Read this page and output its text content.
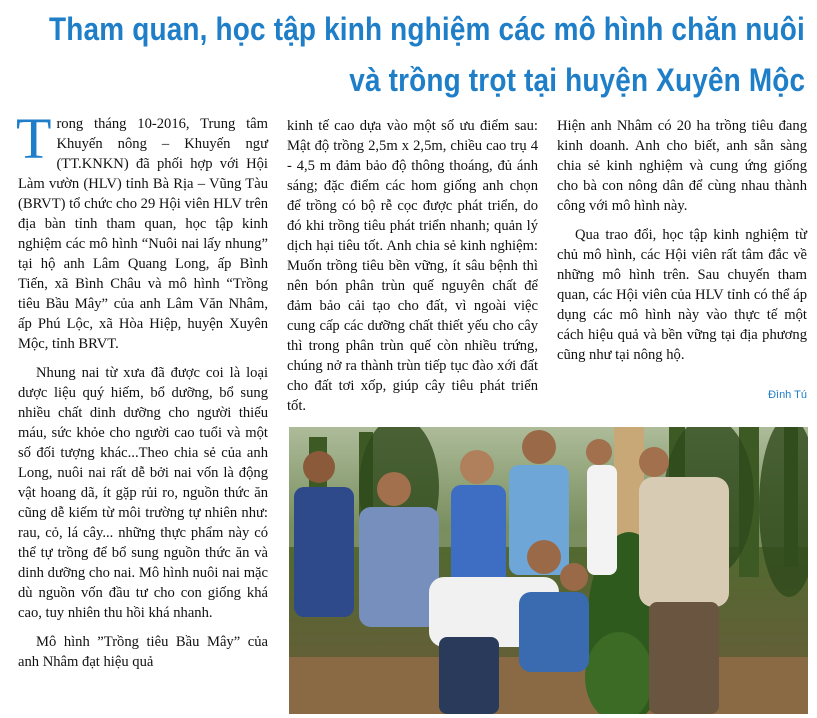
Tham quan, học tập kinh nghiệm các mô hình chăn nuôi
và trồng trọt tại huyện Xuyên Mộc

Trong tháng 10-2016, Trung tâm Khuyến nông – Khuyến ngư (TT.KNKN) đã phối hợp với Hội Làm vườn (HLV) tỉnh Bà Rịa – Vũng Tàu (BRVT) tổ chức cho 29 Hội viên HLV trên địa bàn tỉnh tham quan, học tập kinh nghiệm các mô hình “Nuôi nai lấy nhung” tại hộ anh Lâm Quang Long, ấp Bình Tiến, xã Bình Châu và mô hình “Trồng tiêu Bầu Mây” của anh Lâm Văn Nhâm, ấp Phú Lộc, xã Hòa Hiệp, huyện Xuyên Mộc, tỉnh BRVT.

Nhung nai từ xưa đã được coi là loại dược liệu quý hiếm, bổ dưỡng, bổ sung nhiều chất dinh dưỡng cho người thiếu máu, sức khỏe cho người cao tuổi và một số đối tượng khác...Theo chia sẻ của anh Long, nuôi nai rất dễ bởi nai vốn là động vật hoang dã, ít gặp rủi ro, nguồn thức ăn cũng dễ kiếm từ môi trường tự nhiên như: rau, cỏ, lá cây... những thực phẩm này có thể tự trồng để bổ sung nguồn thức ăn và dinh dưỡng cho nai. Mô hình nuôi nai mặc dù nguồn vốn đầu tư cho con giống khá cao, tuy nhiên thu hồi khá nhanh.

Mô hình ”Trồng tiêu Bầu Mây” của anh Nhâm đạt hiệu quả

kinh tế cao dựa vào một số ưu điểm sau: Mật độ trồng 2,5m x 2,5m, chiều cao trụ 4 - 4,5 m đảm bảo độ thông thoáng, đủ ánh sáng; đặc điểm các hom giống anh chọn để trồng có bộ rễ cọc được phát triển, do đó khi trồng tiêu phát triển nhanh; quản lý dịch hại tiêu tốt. Anh chia sẻ kinh nghiệm: Muốn trồng tiêu bền vững, ít sâu bệnh thì nên bón phân trùn quế nguyên chất để đảm bảo cải tạo cho đất, vì ngoài việc cung cấp các dưỡng chất thiết yếu cho cây thì trong phân trùn quế còn nhiều trứng, chúng nở ra thành trùn tiếp tục đào xới đất cho đất tơi xốp, giúp cây tiêu phát triển tốt.

Hiện anh Nhâm có 20 ha trồng tiêu đang kinh doanh. Anh cho biết, anh sẵn sàng chia sẻ kinh nghiệm và cung ứng giống cho bà con nông dân để cùng nhau thành công với mô hình này.

Qua trao đổi, học tập kinh nghiệm từ chủ mô hình, các Hội viên rất tâm đắc về những mô hình trên. Sau chuyến tham quan, các Hội viên của HLV tỉnh có thể áp dụng các mô hình này vào thực tế một cách hiệu quả và bền vững tại địa phương cũng như tại nông hộ.

Đình Tú
